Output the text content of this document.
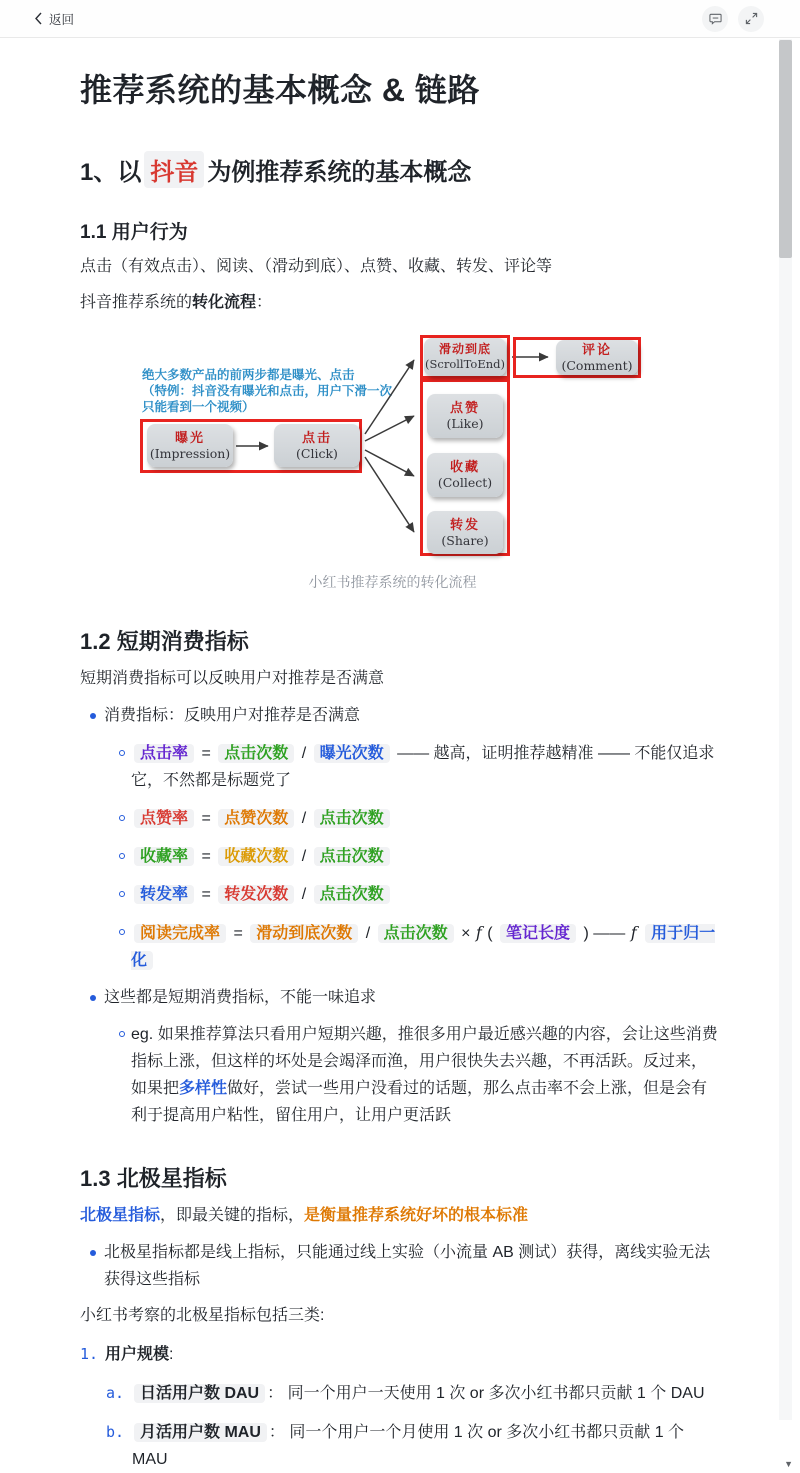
返回
推荐系统的基本概念 & 链路
1、以 抖音 为例推荐系统的基本概念
1.1 用户行为

点击（有效点击）、阅读、（滑动到底）、点赞、收藏、转发、评论等

抖音推荐系统的转化流程：

绝大多数产品的前两步都是曝光、点击
（特例：抖音没有曝光和点击，用户下滑一次
只能看到一个视频）
曝光
(Impression)
点击
(Click)
滑动到底
(ScrollToEnd)
评论
(Comment)
点赞
(Like)
收藏
(Collect)
转发
(Share)
小红书推荐系统的转化流程
1.2 短期消费指标

短期消费指标可以反映用户对推荐是否满意

消费指标：反映用户对推荐是否满意
点击率 = 点击次数 / 曝光次数 —— 越高，证明推荐越精准 —— 不能仅追求它，不然都是标题党了
点赞率 = 点赞次数 / 点击次数
收藏率 = 收藏次数 / 点击次数
转发率 = 转发次数 / 点击次数
阅读完成率 = 滑动到底次数 / 点击次数 × f ( 笔记长度 ) —— f 用于归一化
这些都是短期消费指标，不能一味追求
eg. 如果推荐算法只看用户短期兴趣，推很多用户最近感兴趣的内容，会让这些消费指标上涨，但这样的坏处是会竭泽而渔，用户很快失去兴趣，不再活跃。反过来，如果把多样性做好，尝试一些用户没看过的话题，那么点击率不会上涨，但是会有利于提高用户粘性，留住用户，让用户更活跃
1.3 北极星指标

北极星指标，即最关键的指标，是衡量推荐系统好坏的根本标准

北极星指标都是线上指标，只能通过线上实验（小流量 AB 测试）获得，离线实验无法获得这些指标

小红书考察的北极星指标包括三类:

1. 用户规模:
a. 日活用户数 DAU ： 同一个用户一天使用 1 次 or 多次小红书都只贡献 1 个 DAU
b. 月活用户数 MAU ： 同一个用户一个月使用 1 次 or 多次小红书都只贡献 1 个 MAU	▼
